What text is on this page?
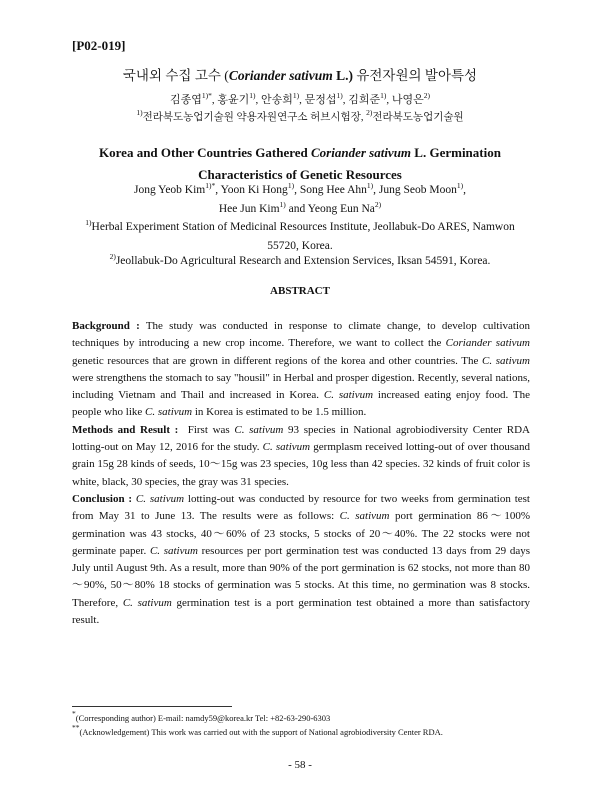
[P02-019]
국내외 수집 고수 (Coriander sativum L.) 유전자원의 발아특성
김종엽$^{1)*}$, 홍윤기$^{1)}$, 안송희$^{1)}$, 문정섭$^{1)}$, 김희준$^{1)}$, 나영은$^{2)}$
$^{1)}$전라북도농업기술원 약용자원연구소 허브시험장, $^{2)}$전라북도농업기술원
Korea and Other Countries Gathered Coriander sativum L. Germination
Characteristics of Genetic Resources
Jong Yeob Kim$^{1)*}$, Yoon Ki Hong$^{1)}$, Song Hee Ahn$^{1)}$, Jung Seob Moon$^{1)}$,
Hee Jun Kim$^{1)}$ and Yeong Eun Na$^{2)}$
$^{1)}$Herbal Experiment Station of Medicinal Resources Institute, Jeollabuk-Do ARES, Namwon 55720, Korea.
$^{2)}$Jeollabuk-Do Agricultural Research and Extension Services, Iksan 54591, Korea.
ABSTRACT

Background : The study was conducted in response to climate change, to develop cultivation techniques by introducing a new crop income. Therefore, we want to collect the Coriander sativum genetic resources that are grown in different regions of the korea and other countries. The C. sativum were strengthens the stomach to say "housil" in Herbal and prosper digestion. Recently, several nations, including Vietnam and Thail and increased in Korea. C. sativum increased eating enjoy food. The people who like C. sativum in Korea is estimated to be 1.5 million.

Methods and Result :  First was C. sativum 93 species in National agrobiodiversity Center RDA lotting-out on May 12, 2016 for the study. C. sativum germplasm received lotting-out of over thousand grain 15g 28 kinds of seeds, 10～15g was 23 species, 10g less than 42 species. 32 kinds of fruit color is white, black, 30 species, the gray was 31 species.

Conclusion : C. sativum lotting-out was conducted by resource for two weeks from germination test from May 31 to June 13. The results were as follows: C. sativum port germination 86～100% germination was 43 stocks, 40～60% of 23 stocks, 5 stocks of 20～40%. The 22 stocks were not germinate paper. C. sativum resources per port germination test was conducted 13 days from 29 days July until August 9th. As a result, more than 90% of the port germination is 62 stocks, not more than 80～90%, 50～80% 18 stocks of germination was 5 stocks. At this time, no germination was 8 stocks. Therefore, C. sativum germination test is a port germination test obtained a more than satisfactory result.

*(Corresponding author) E-mail: namdy59@korea.kr Tel: +82-63-290-6303
**(Acknowledgement) This work was carried out with the support of National agrobiodiversity Center RDA.
- 58 -
